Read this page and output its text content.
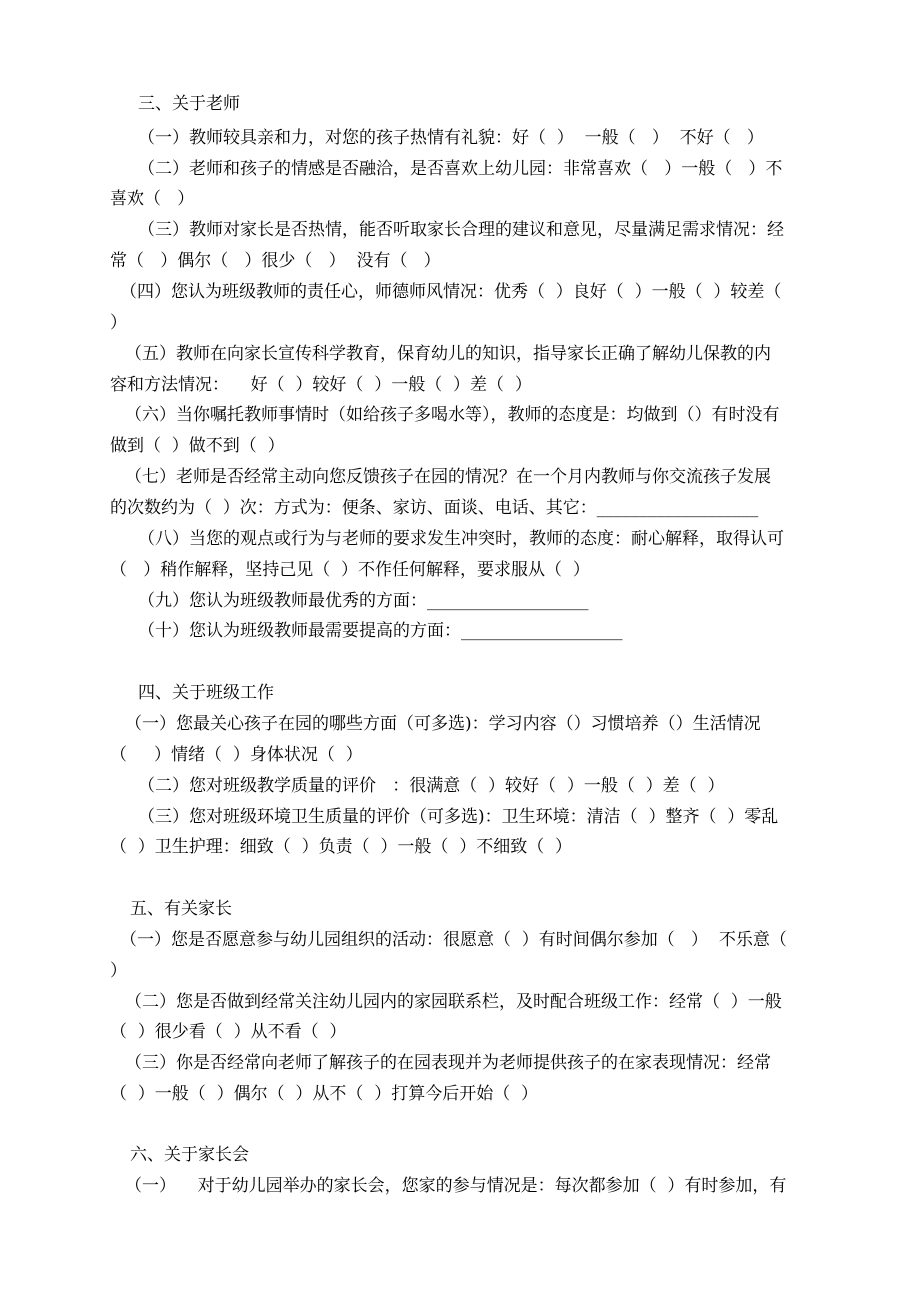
三、关于老师
（一）教师较具亲和力，对您的孩子热情有礼貌：好（  ）  一般（   ）  不好（   ）
（二）老师和孩子的情感是否融洽，是否喜欢上幼儿园：非常喜欢（   ）一般（   ）不
喜欢（   ）
（三）教师对家长是否热情，能否听取家长合理的建议和意见，尽量满足需求情况：经
常（   ）偶尔（   ）很少（   ）  没有（   ）
（四）您认为班级教师的责任心，师德师风情况：优秀（  ）良好（  ）一般（  ）较差（
）
（五）教师在向家长宣传科学教育，保育幼儿的知识，指导家长正确了解幼儿保教的内
容和方法情况：    好（  ）较好（  ）一般（  ）差（  ）
（六）当你嘱托教师事情时（如给孩子多喝水等），教师的态度是：均做到（）有时没有
做到（  ）做不到（  ）
（七）老师是否经常主动向您反馈孩子在园的情况？在一个月内教师与你交流孩子发展
的次数约为（  ）次：方式为：便条、家访、面谈、电话、其它：___________________
（八）当您的观点或行为与老师的要求发生冲突时，教师的态度：耐心解释，取得认可
（   ）稍作解释，坚持己见（  ）不作任何解释，要求服从（  ）
（九）您认为班级教师最优秀的方面：___________________
（十）您认为班级教师最需要提高的方面：___________________
四、关于班级工作
（一）您最关心孩子在园的哪些方面（可多选)：学习内容（）习惯培养（）生活情况
（     ）情绪（  ）身体状况（  ）
（二）您对班级教学质量的评价   ：很满意（  ）较好（  ）一般（  ）差（  ）
（三）您对班级环境卫生质量的评价（可多选)：卫生环境：清洁（  ）整齐（  ）零乱
（  ）卫生护理：细致（  ）负责（  ）一般（  ）不细致（  ）
五、有关家长
（一）您是否愿意参与幼儿园组织的活动：很愿意（  ）有时间偶尔参加（   ）  不乐意（
）
（二）您是否做到经常关注幼儿园内的家园联系栏，及时配合班级工作：经常（  ）一般
（  ）很少看（  ）从不看（  ）
（三）你是否经常向老师了解孩子的在园表现并为老师提供孩子的在家表现情况：经常
（  ）一般（  ）偶尔（  ）从不（  ）打算今后开始（  ）
六、关于家长会
（一）    对于幼儿园举办的家长会，您家的参与情况是：每次都参加（  ）有时参加，有
